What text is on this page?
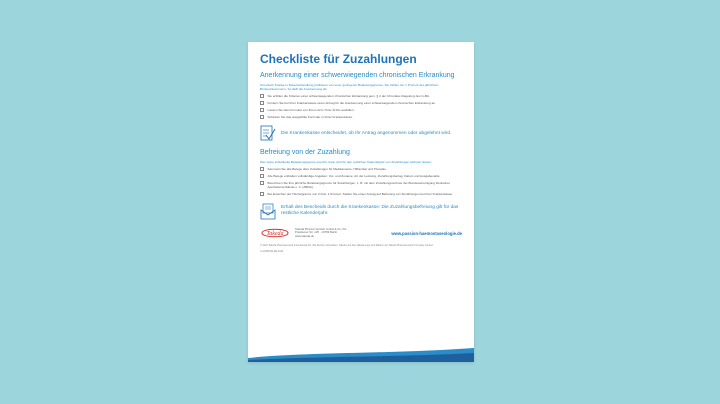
Checkliste für Zuzahlungen
Anerkennung einer schwerwiegenden chronischen Erkrankung
Chronisch Kranke in Dauerbehandlung profitieren von einer geringeren Belastungsgrenze: Sie zahlen nur 1 Prozent des jährlichen Bruttoeinkommens. So läuft die Anerkennung ab:
Sie erfüllen die Kriterien einer schwerwiegenden chronischen Erkrankung gem. § 2 der Chroniker-Regelung des G-BA.
Fordern Sie bei Ihrer Krankenkasse einen Antrag für die Anerkennung einer schwerwiegenden chronischen Erkrankung an.
Lassen Sie das Formular von Ihrem Arzt / Ihrer Ärztin ausfüllen.
Schicken Sie das ausgefüllte Formular zu Ihrer Krankenkasse.
Die Krankenkasse entscheidet, ob Ihr Antrag angenommen oder abgelehnt wird.
Befreiung von der Zuzahlung
Wer seine individuelle Belastungsgrenze erreicht, kann sich für den restlichen Kalenderjahr von Zuzahlungen befreien lassen:
Sammeln Sie alle Belege über Zuzahlungen für Medikamente, Hilfsmittel und Therapie.
Alle Belege enthalten vollständige Angaben: Vor- und Zuname, Art der Leistung, Zuzahlungsbetrag, Datum und Ausgabestelle.
Berechnen Sie Ihre jährliche Belastungsgrenze für Zuzahlungen, z. B. mit dem Zuzahlungsrechner der Bundesvereinigung Deutscher Apothekerverbände e. V. (ABDA).
Bei Erreichen der Höchstgrenze von 2 bzw. 1 Prozent: Stellen Sie einen Antrag auf Befreiung von Zuzahlungen bei Ihrer Krankenkasse.
Erhalt des Bescheids durch die Krankenkasse: Die Zuzahlungsbefreiung gilt für das restliche Kalenderjahr.
Takeda
Takeda Pharma Vertrieb GmbH & Co. KG
Potsdamer Str. 125 · 10783 Berlin
www.takeda.de
www.passion-haemostaseologie.de
© 2022 Takeda Pharmaceutical International AG. Alle Rechte vorbehalten. Takeda und das Takeda-Logo sind Marken der Takeda Pharmaceutical Company Limited.
C-ANPROM-DE-2022
